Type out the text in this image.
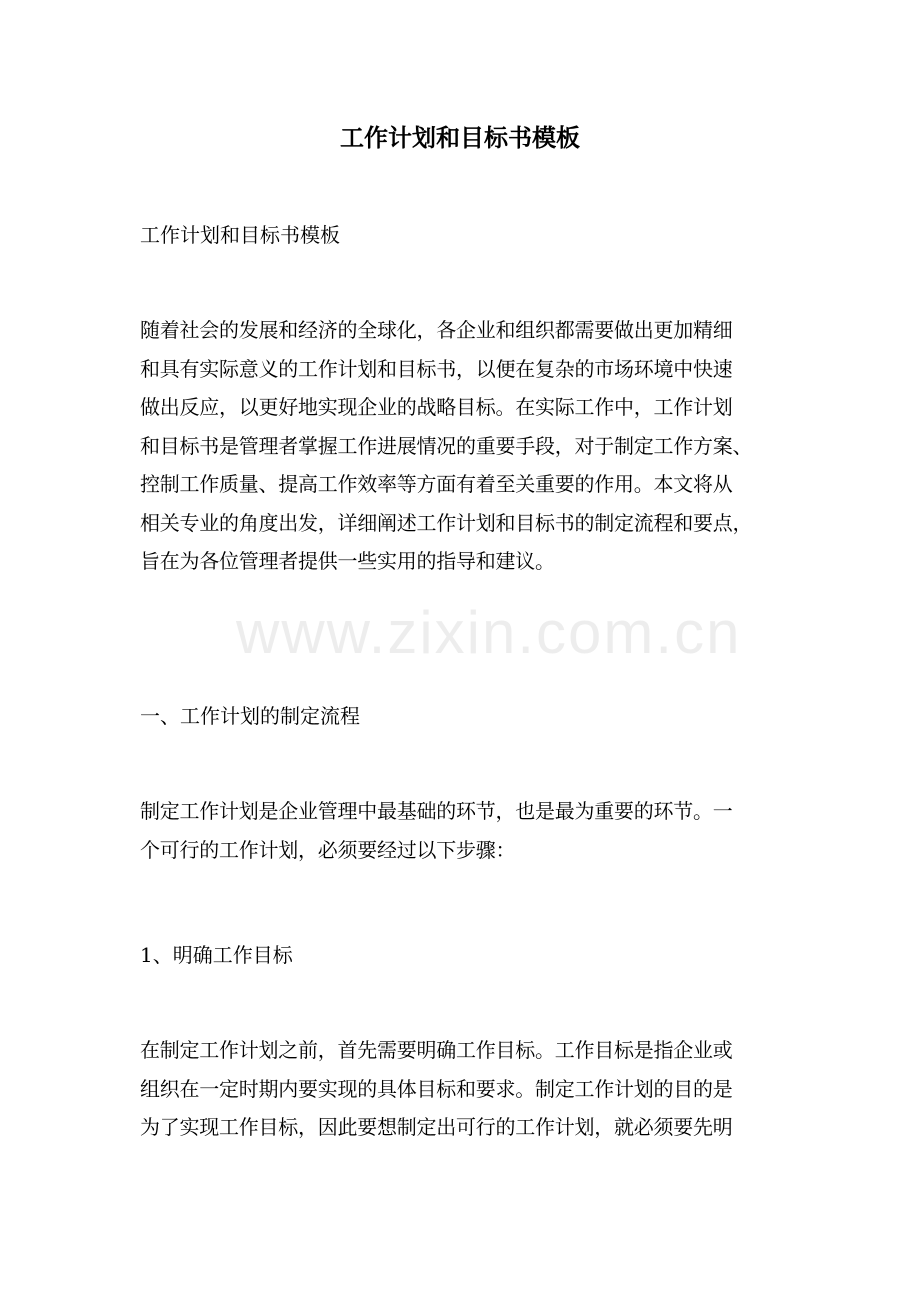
工作计划和目标书模板

工作计划和目标书模板

随着社会的发展和经济的全球化，各企业和组织都需要做出更加精细
和具有实际意义的工作计划和目标书，以便在复杂的市场环境中快速
做出反应，以更好地实现企业的战略目标。在实际工作中，工作计划
和目标书是管理者掌握工作进展情况的重要手段，对于制定工作方案、
控制工作质量、提高工作效率等方面有着至关重要的作用。本文将从
相关专业的角度出发，详细阐述工作计划和目标书的制定流程和要点，
旨在为各位管理者提供一些实用的指导和建议。

一、工作计划的制定流程

制定工作计划是企业管理中最基础的环节，也是最为重要的环节。一
个可行的工作计划，必须要经过以下步骤：

1、明确工作目标

在制定工作计划之前，首先需要明确工作目标。工作目标是指企业或
组织在一定时期内要实现的具体目标和要求。制定工作计划的目的是
为了实现工作目标，因此要想制定出可行的工作计划，就必须要先明
www.zixin.com.cn
